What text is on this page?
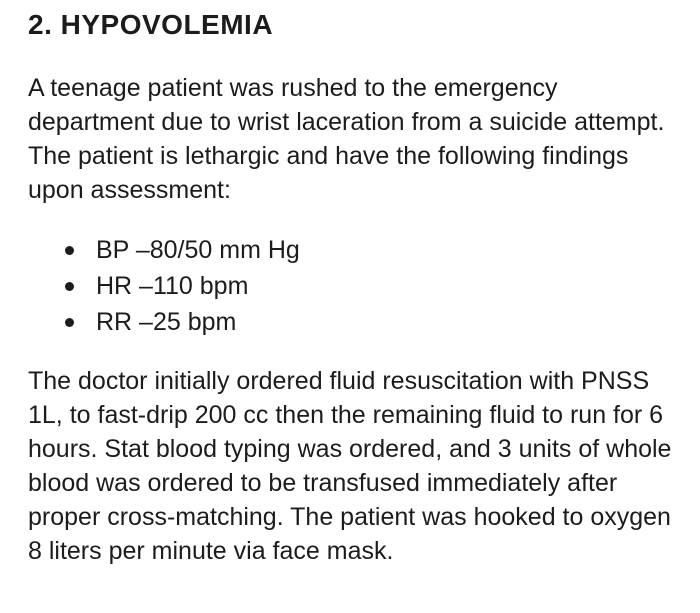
2. HYPOVOLEMIA

A teenage patient was rushed to the emergency department due to wrist laceration from a suicide attempt. The patient is lethargic and have the following findings upon assessment:

BP –80/50 mm Hg
HR –110 bpm
RR –25 bpm

The doctor initially ordered fluid resuscitation with PNSS 1L, to fast-drip 200 cc then the remaining fluid to run for 6 hours. Stat blood typing was ordered, and 3 units of whole blood was ordered to be transfused immediately after proper cross-matching. The patient was hooked to oxygen 8 liters per minute via face mask.
